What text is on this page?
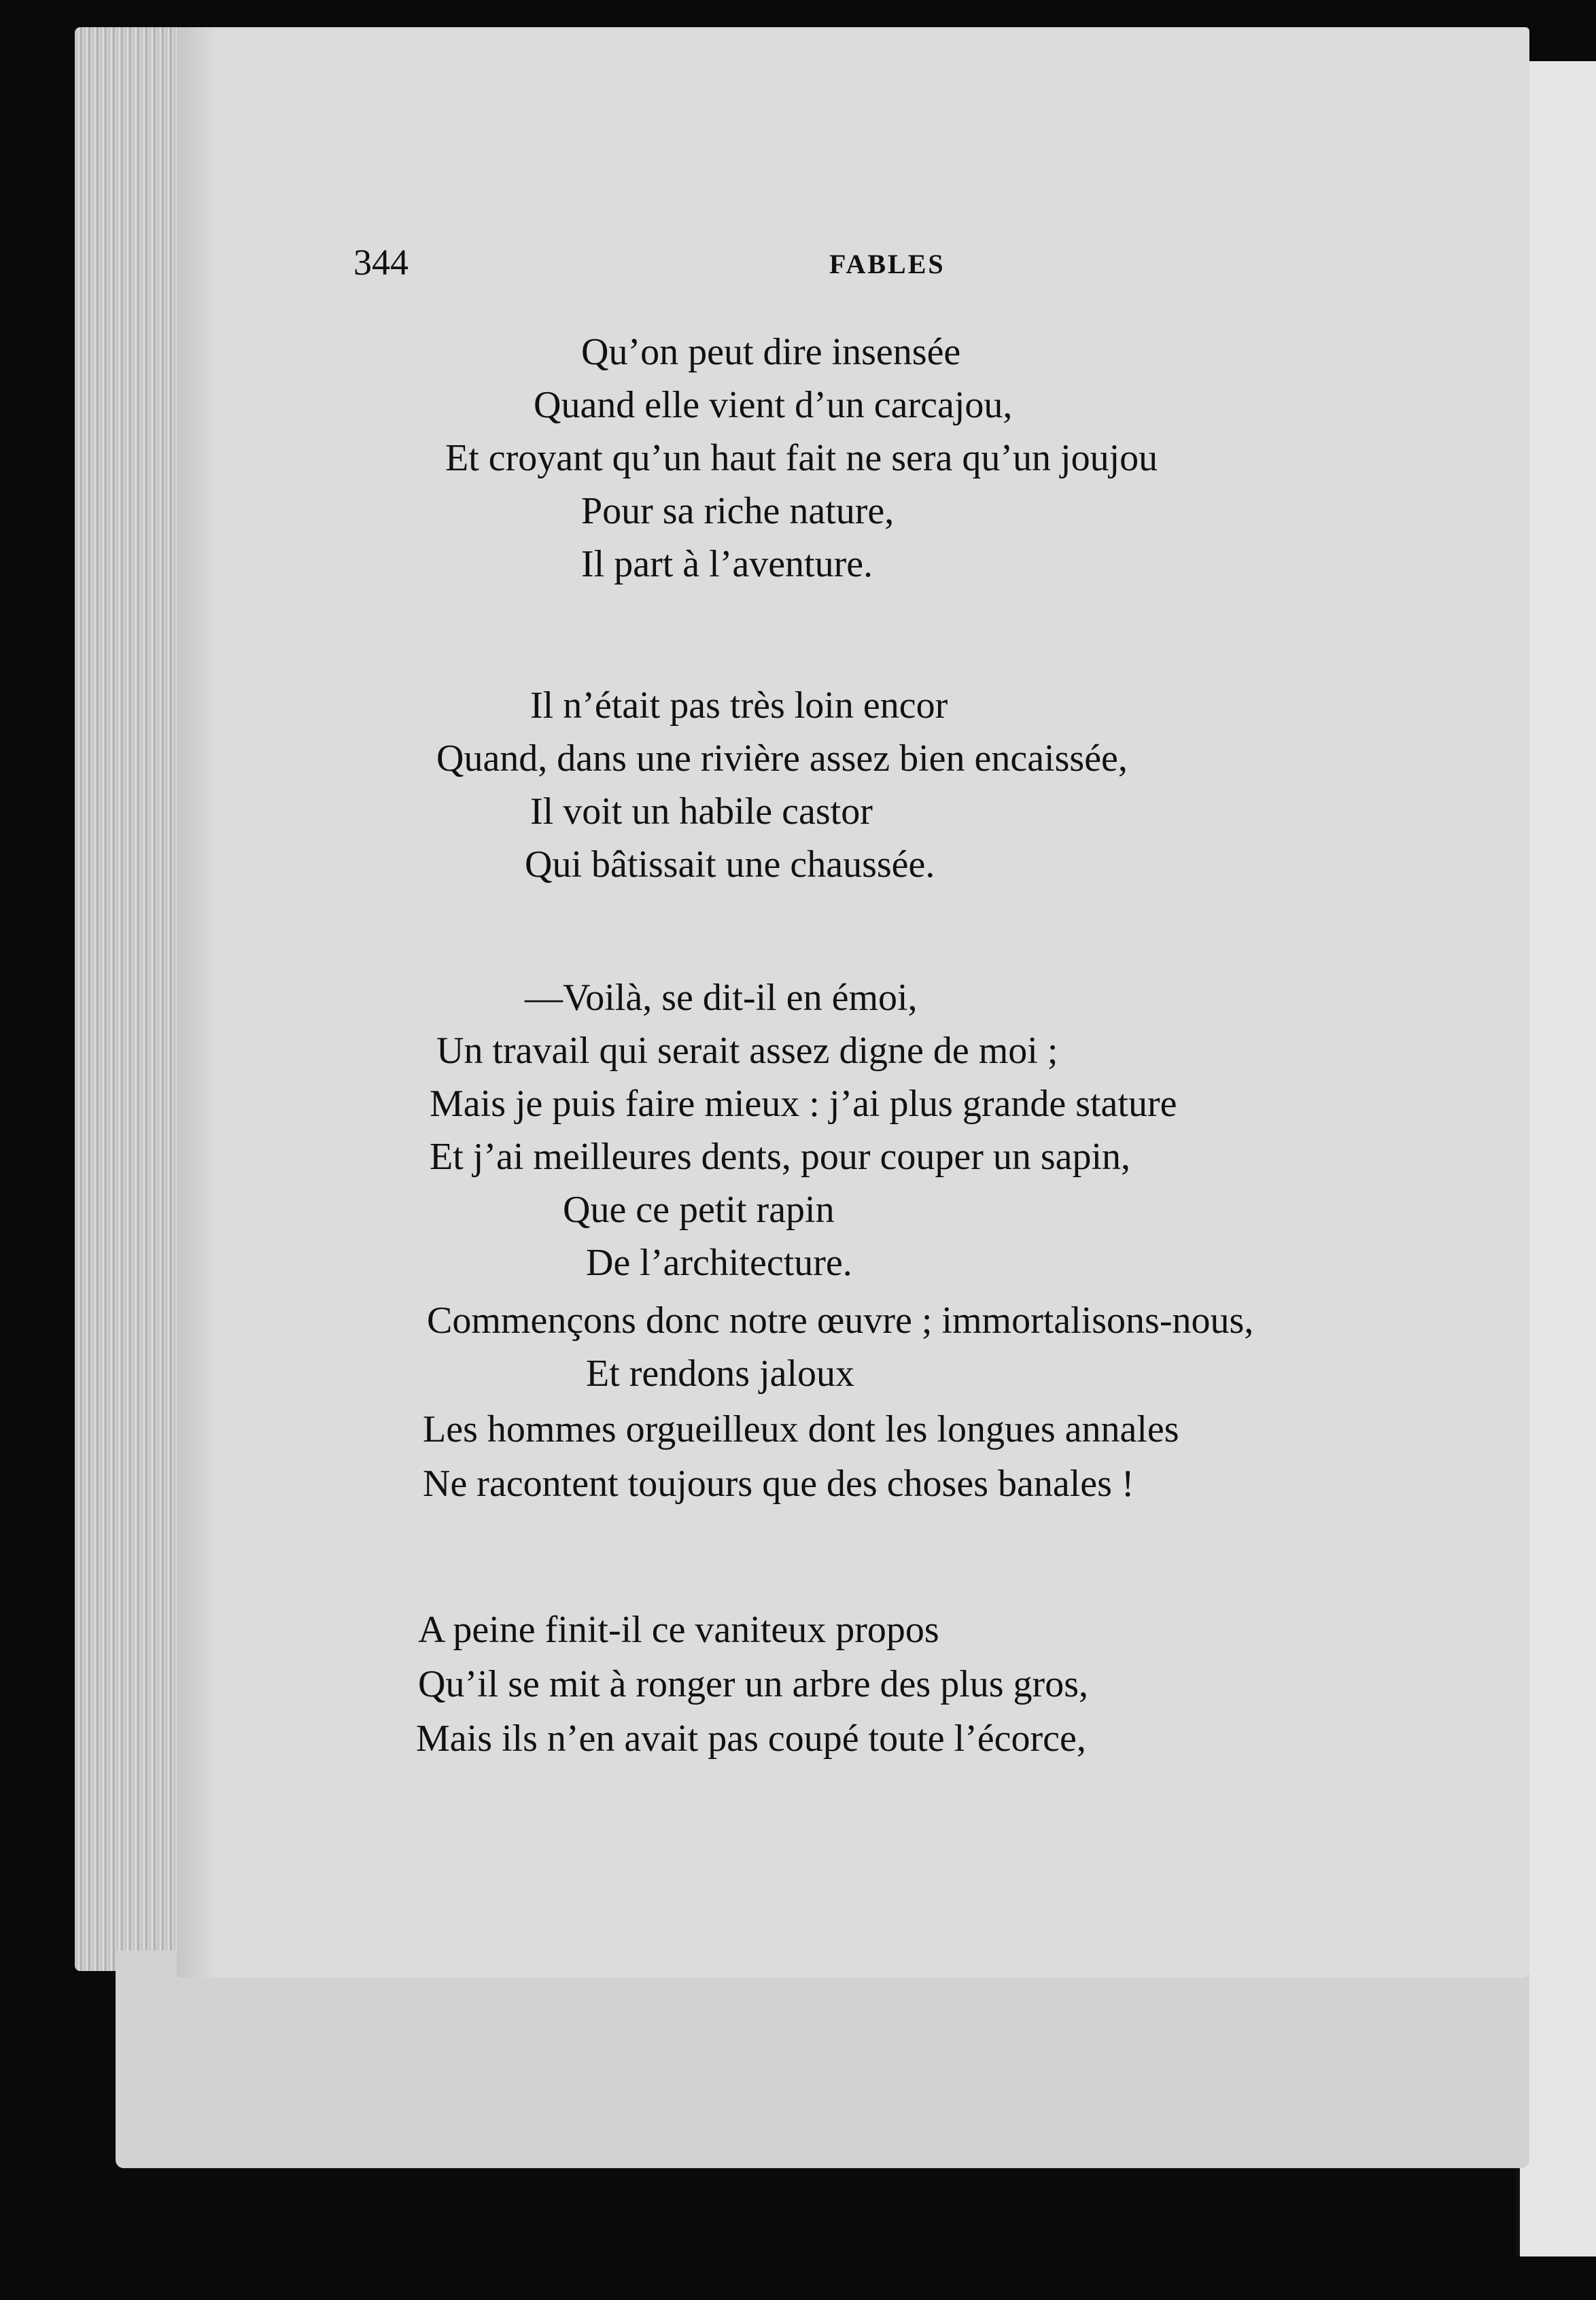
344	FABLES
Qu’on peut dire insensée
Quand elle vient d’un carcajou,
Et croyant qu’un haut fait ne sera qu’un joujou
Pour sa riche nature,
Il part à l’aventure.
Il n’était pas très loin encor
Quand, dans une rivière assez bien encaissée,
Il voit un habile castor
Qui bâtissait une chaussée.
—Voilà, se dit-il en émoi,
Un travail qui serait assez digne de moi ;
Mais je puis faire mieux : j’ai plus grande stature
Et j’ai meilleures dents, pour couper un sapin,
Que ce petit rapin
De l’architecture.
Commençons donc notre œuvre ; immortalisons-nous,
Et rendons jaloux
Les hommes orgueilleux dont les longues annales
Ne racontent toujours que des choses banales !
A peine finit-il ce vaniteux propos
Qu’il se mit à ronger un arbre des plus gros,
Mais ils n’en avait pas coupé toute l’écorce,
